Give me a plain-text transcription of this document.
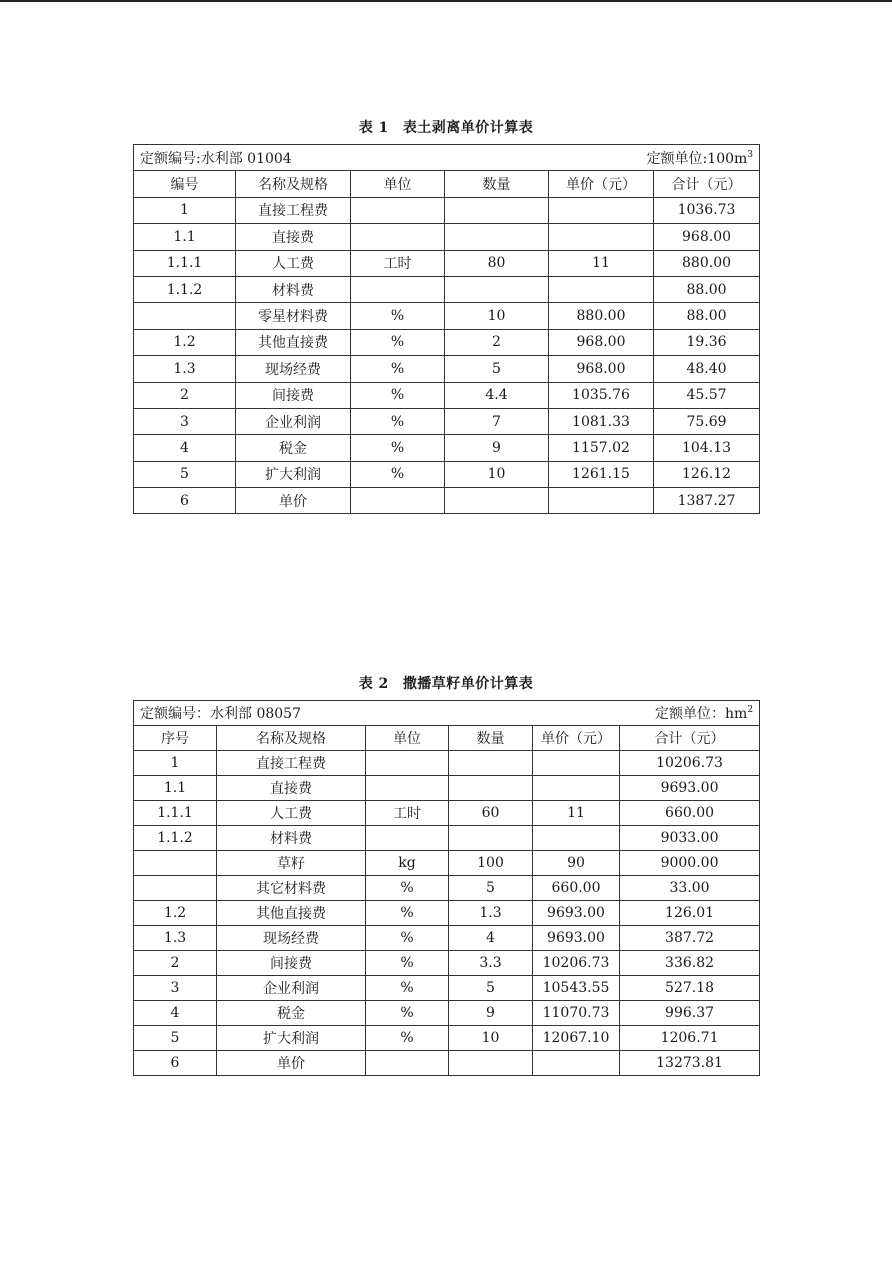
表 1 表土剥离单价计算表
定额编号:水利部 01004 定额单位$:100m^3$

编号	名称及规格	单位	数量	单价（元）	合计（元）
1	直接工程费				1036.73
1.1	直接费				968.00
1.1.1	人工费	工时	80	11	880.00
1.1.2	材料费				88.00
	零星材料费	%	10	880.00	88.00
1.2	其他直接费	%	2	968.00	19.36
1.3	现场经费	%	5	968.00	48.40
2	间接费	%	4.4	1035.76	45.57
3	企业利润	%	7	1081.33	75.69
4	税金	%	9	1157.02	104.13
5	扩大利润	%	10	1261.15	126.12
6	单价				1387.27
表 2 撒播草籽单价计算表
定额编号：水利部 08057 定额单位：$hm^2$

序号	名称及规格	单位	数量	单价（元）	合计（元）
1	直接工程费				10206.73
1.1	直接费				9693.00
1.1.1	人工费	工时	60	11	660.00
1.1.2	材料费				9033.00
	草籽	kg	100	90	9000.00
	其它材料费	%	5	660.00	33.00
1.2	其他直接费	%	1.3	9693.00	126.01
1.3	现场经费	%	4	9693.00	387.72
2	间接费	%	3.3	10206.73	336.82
3	企业利润	%	5	10543.55	527.18
4	税金	%	9	11070.73	996.37
5	扩大利润	%	10	12067.10	1206.71
6	单价				13273.81
